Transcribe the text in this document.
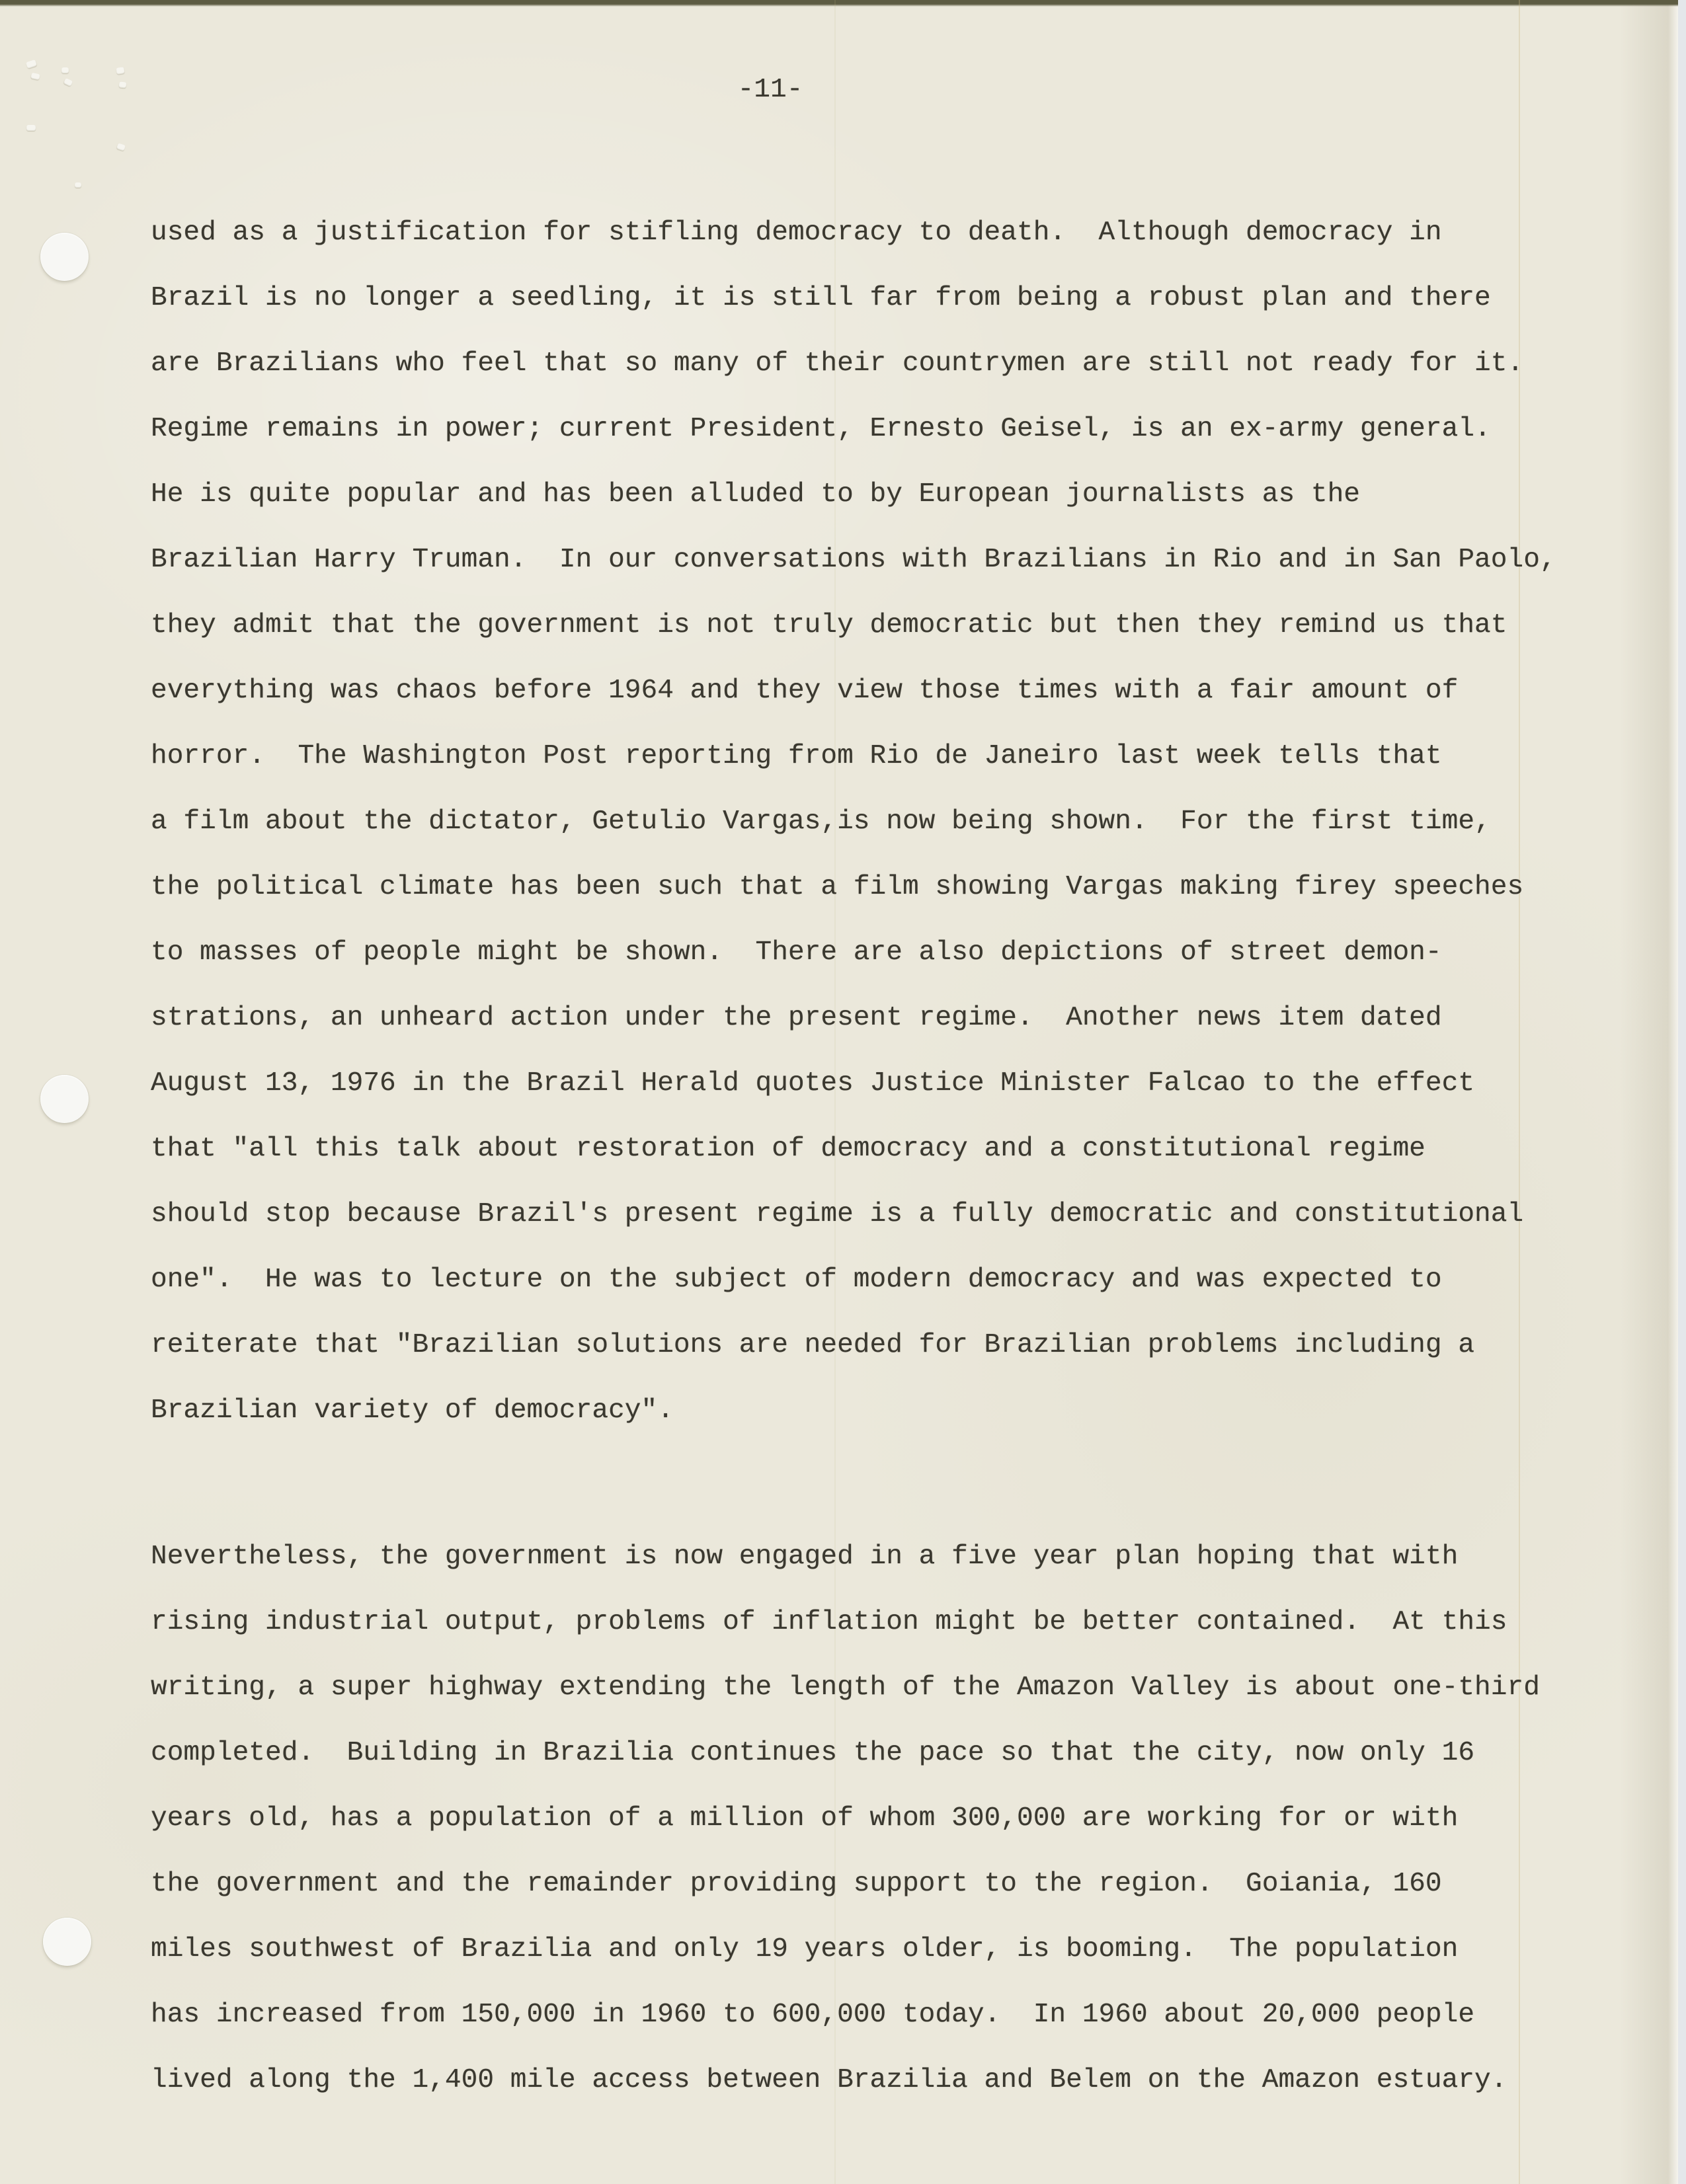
-11-
used as a justification for stifling democracy to death.  Although democracy in
Brazil is no longer a seedling, it is still far from being a robust plan and there
are Brazilians who feel that so many of their countrymen are still not ready for it.
Regime remains in power; current President, Ernesto Geisel, is an ex-army general.
He is quite popular and has been alluded to by European journalists as the
Brazilian Harry Truman.  In our conversations with Brazilians in Rio and in San Paolo,
they admit that the government is not truly democratic but then they remind us that
everything was chaos before 1964 and they view those times with a fair amount of
horror.  The Washington Post reporting from Rio de Janeiro last week tells that
a film about the dictator, Getulio Vargas,is now being shown.  For the first time,
the political climate has been such that a film showing Vargas making firey speeches
to masses of people might be shown.  There are also depictions of street demon-
strations, an unheard action under the present regime.  Another news item dated
August 13, 1976 in the Brazil Herald quotes Justice Minister Falcao to the effect
that "all this talk about restoration of democracy and a constitutional regime
should stop because Brazil's present regime is a fully democratic and constitutional
one".  He was to lecture on the subject of modern democracy and was expected to
reiterate that "Brazilian solutions are needed for Brazilian problems including a
Brazilian variety of democracy".
Nevertheless, the government is now engaged in a five year plan hoping that with
rising industrial output, problems of inflation might be better contained.  At this
writing, a super highway extending the length of the Amazon Valley is about one-third
completed.  Building in Brazilia continues the pace so that the city, now only 16
years old, has a population of a million of whom 300,000 are working for or with
the government and the remainder providing support to the region.  Goiania, 160
miles southwest of Brazilia and only 19 years older, is booming.  The population
has increased from 150,000 in 1960 to 600,000 today.  In 1960 about 20,000 people
lived along the 1,400 mile access between Brazilia and Belem on the Amazon estuary.
